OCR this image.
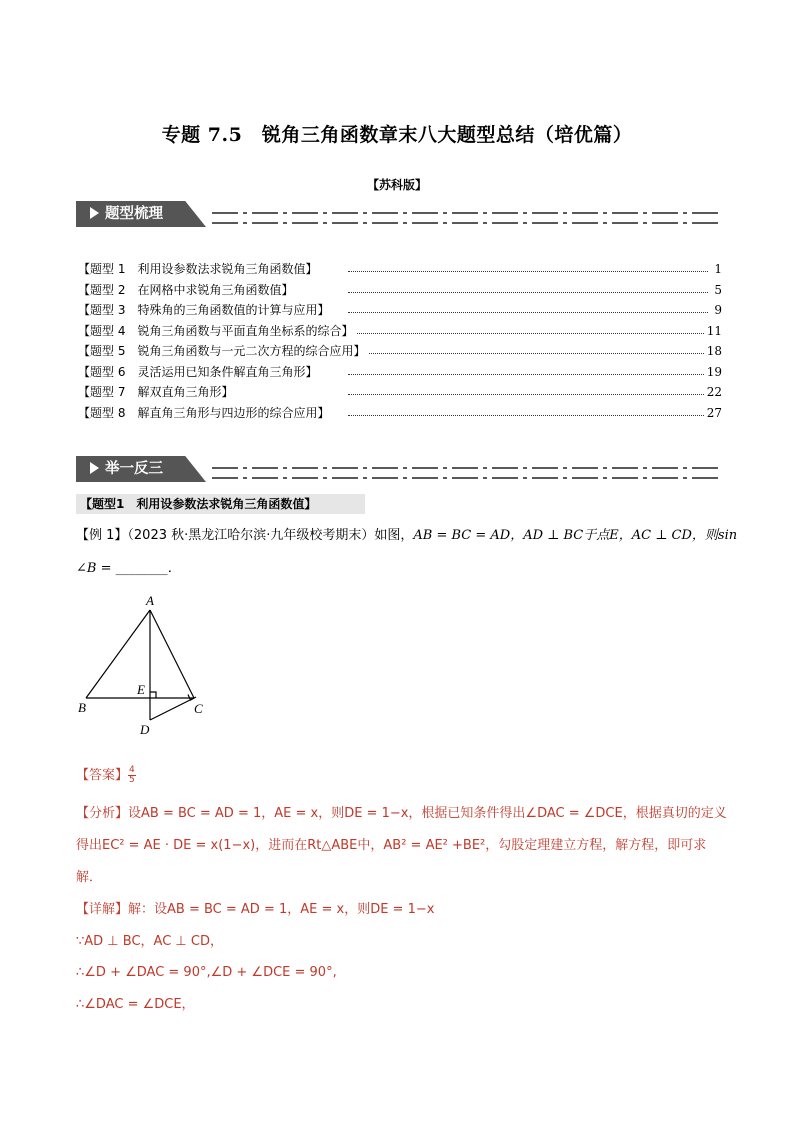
专题 7.5　锐角三角函数章末八大题型总结（培优篇）
【苏科版】
题型梳理
【题型 1　利用设参数法求锐角三角函数值】	1
【题型 2　在网格中求锐角三角函数值】	5
【题型 3　特殊角的三角函数值的计算与应用】	9
【题型 4　锐角三角函数与平面直角坐标系的综合】	11
【题型 5　锐角三角函数与一元二次方程的综合应用】	18
【题型 6　灵活运用已知条件解直角三角形】	19
【题型 7　解双直角三角形】	22
【题型 8　解直角三角形与四边形的综合应用】	27
举一反三
【题型1　利用设参数法求锐角三角函数值】
【例 1】（2023 秋·黑龙江哈尔滨·九年级校考期末）如图，AB = BC = AD，AD ⊥ BC于点E，AC ⊥ CD，则sin
∠B = ________．
A
B	C
D
E
【答案】 $\frac{4}{5}$
【分析】设AB = BC = AD = 1，AE = x，则DE = 1−x，根据已知条件得出∠DAC = ∠DCE，根据真切的定义
得出EC² = AE · DE = x(1−x)，进而在Rt△ABE中，AB² = AE² +BE²，勾股定理建立方程，解方程，即可求
解．
【详解】解：设AB = BC = AD = 1，AE = x，则DE = 1−x
∵AD ⊥ BC，AC ⊥ CD，
∴∠D + ∠DAC = 90°,∠D + ∠DCE = 90°,
∴∠DAC = ∠DCE，
